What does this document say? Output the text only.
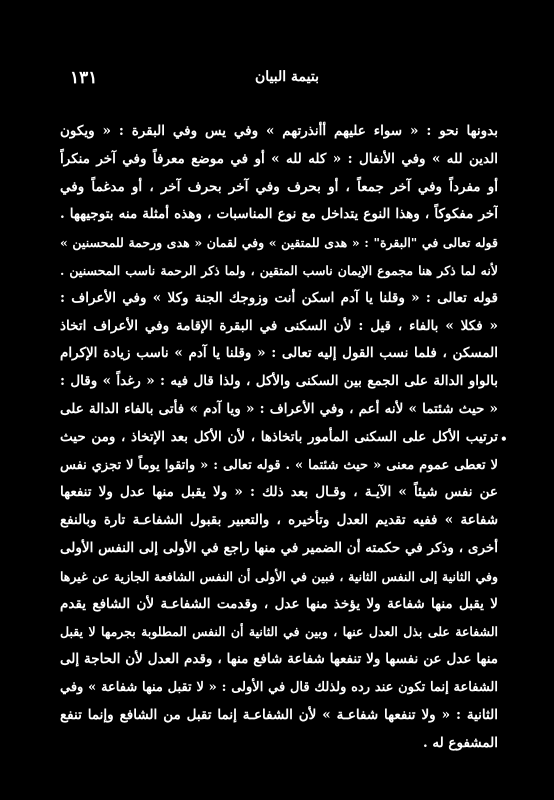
١٣١	بتيمة البيان
•
بدونها نحو : « سواء عليهم أأنذرتهم » وفي يس وفي البقرة : « ويكون
الدين لله » وفي الأنفال : « كله لله » أو في موضع معرفاً وفي آخر منكراً
أو مفرداً وفي آخر جمعاً ، أو بحرف وفي آخر بحرف آخر ، أو مدغماً وفي
آخر مفكوكاً ، وهذا النوع يتداخل مع نوع المناسبات ، وهذه أمثلة منه بتوجيهها .
قوله تعالى في "البقرة" : « هدى للمتقين » وفي لقمان « هدى ورحمة للمحسنين »
لأنه لما ذكر هنا مجموع الإيمان ناسب المتقين ، ولما ذكر الرحمة ناسب المحسنين .
قوله تعالى : « وقلنا يا آدم اسكن أنت وزوجك الجنة وكلا » وفي الأعراف :
« فكلا » بالفاء ، قيل : لأن السكنى في البقرة الإقامة وفي الأعراف اتخاذ
المسكن ، فلما نسب القول إليه تعالى : « وقلنا يا آدم » ناسب زيادة الإكرام
بالواو الدالة على الجمع بين السكنى والأكل ، ولذا قال فيه : « رغداً » وقال :
« حيث شئتما » لأنه أعم ، وفي الأعراف : « ويا آدم » فأتى بالفاء الدالة على
ترتيب الأكل على السكنى المأمور باتخاذها ، لأن الأكل بعد الإتخاذ ، ومن حيث
لا تعطى عموم معنى « حيث شئتما » . قوله تعالى : « واتقوا يوماً لا تجزي نفس
عن نفس شيئاً » الآيـة ، وقـال بعد ذلك : « ولا يقبل منها عدل ولا تنفعها
شفاعة » ففيه تقديم العدل وتأخيره ، والتعبير بقبول الشفاعـة تارة وبالنفع
أخرى ، وذكر في حكمته أن الضمير في منها راجع في الأولى إلى النفس الأولى
وفي الثانية إلى النفس الثانية ، فبين في الأولى أن النفس الشافعة الجازية عن غيرها
لا يقبل منها شفاعة ولا يؤخذ منها عدل ، وقدمت الشفاعـة لأن الشافع يقدم
الشفاعة على بذل العدل عنها ، وبين في الثانية أن النفس المطلوبة بجرمها لا يقبل
منها عدل عن نفسها ولا تنفعها شفاعة شافع منها ، وقدم العدل لأن الحاجة إلى
الشفاعة إنما تكون عند رده ولذلك قال في الأولى : « لا تقبل منها شفاعة » وفي
الثانية : « ولا تنفعها شفاعـة » لأن الشفاعـة إنما تقبل من الشافع وإنما تنفع
المشفوع له .
